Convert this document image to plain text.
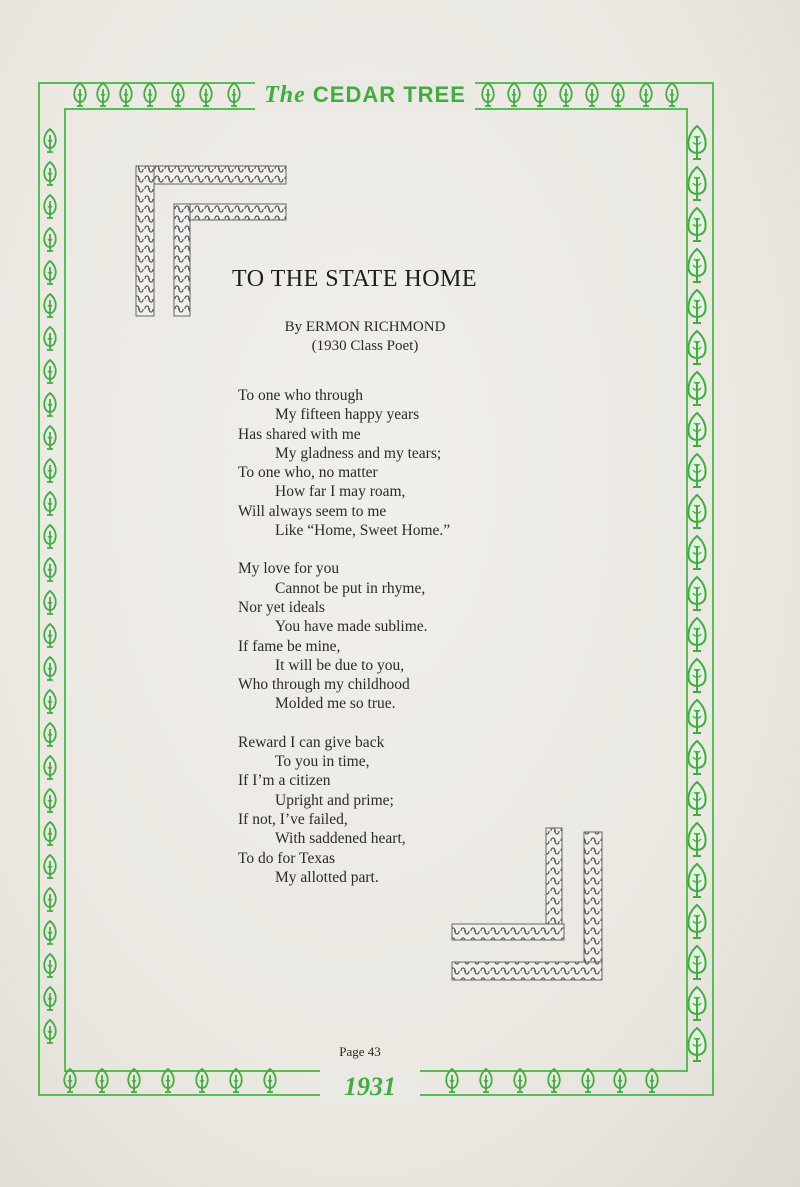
The CEDAR TREE
TO THE STATE HOME
By ERMON RICHMOND
(1930 Class Poet)
To one who through
My fifteen happy years
Has shared with me
My gladness and my tears;
To one who, no matter
How far I may roam,
Will always seem to me
Like “Home, Sweet Home.”
My love for you
Cannot be put in rhyme,
Nor yet ideals
You have made sublime.
If fame be mine,
It will be due to you,
Who through my childhood
Molded me so true.
Reward I can give back
To you in time,
If I’m a citizen
Upright and prime;
If not, I’ve failed,
With saddened heart,
To do for Texas
My allotted part.
Page 43
1931
